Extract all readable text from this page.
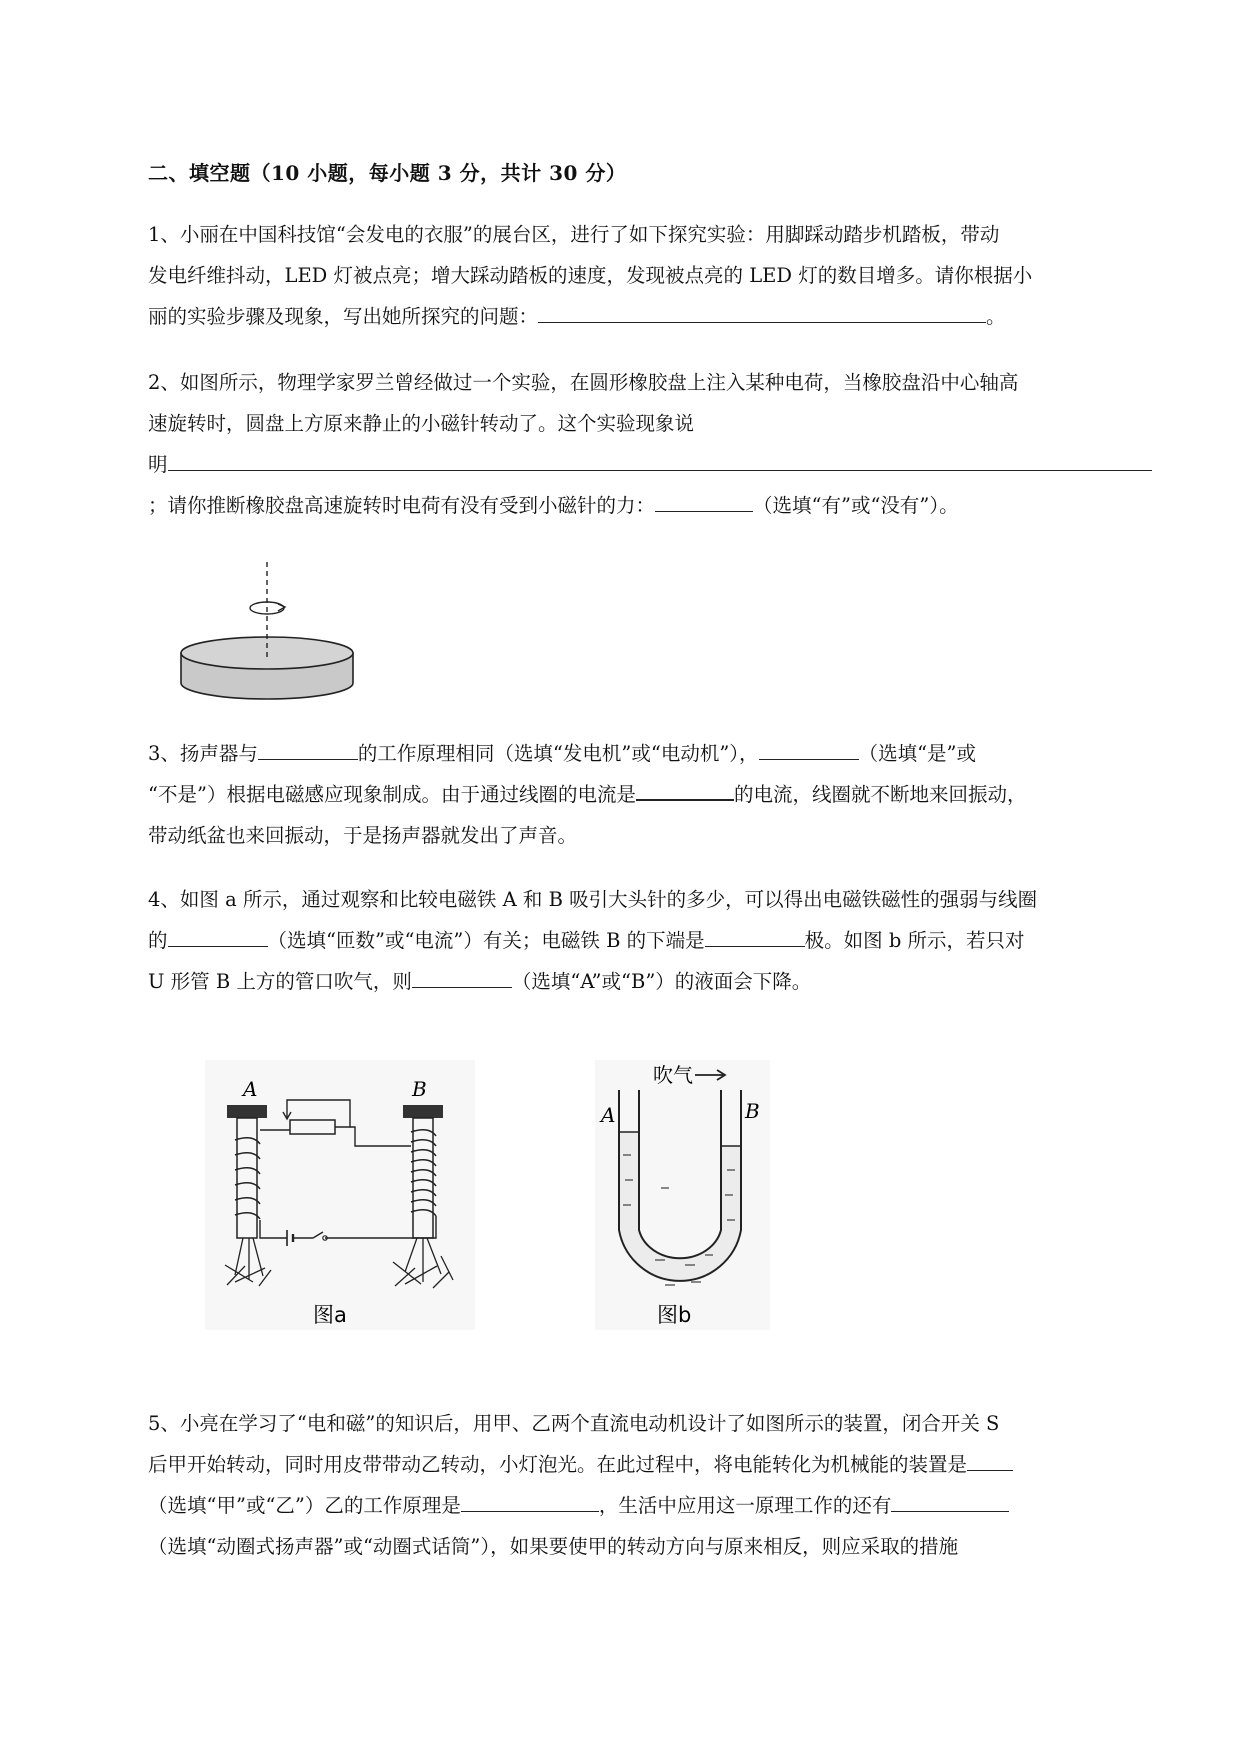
二、填空题（10 小题，每小题 3 分，共计 30 分）
1、小丽在中国科技馆“会发电的衣服”的展台区，进行了如下探究实验：用脚踩动踏步机踏板，带动
发电纤维抖动，LED 灯被点亮；增大踩动踏板的速度，发现被点亮的 LED 灯的数目增多。请你根据小
丽的实验步骤及现象，写出她所探究的问题：	。
2、如图所示，物理学家罗兰曾经做过一个实验，在圆形橡胶盘上注入某种电荷，当橡胶盘沿中心轴高
速旋转时，圆盘上方原来静止的小磁针转动了。这个实验现象说
明
；请你推断橡胶盘高速旋转时电荷有没有受到小磁针的力：	（选填“有”或“没有”）。
3、扬声器与	的工作原理相同（选填“发电机”或“电动机”），	（选填“是”或
“不是”）根据电磁感应现象制成。由于通过线圈的电流是	的电流，线圈就不断地来回振动，
带动纸盆也来回振动，于是扬声器就发出了声音。
4、如图 a 所示，通过观察和比较电磁铁 A 和 B 吸引大头针的多少，可以得出电磁铁磁性的强弱与线圈
的	（选填“匝数”或“电流”）有关；电磁铁 B 的下端是	极。如图 b 所示，若只对
U 形管 B 上方的管口吹气，则	（选填“A”或“B”）的液面会下降。
A	B
图a
吹气
A	B
图b
5、小亮在学习了“电和磁”的知识后，用甲、乙两个直流电动机设计了如图所示的装置，闭合开关 S
后甲开始转动，同时用皮带带动乙转动，小灯泡光。在此过程中，将电能转化为机械能的装置是
（选填“甲”或“乙”）乙的工作原理是	，生活中应用这一原理工作的还有
（选填“动圈式扬声器”或“动圈式话筒”），如果要使甲的转动方向与原来相反，则应采取的措施
